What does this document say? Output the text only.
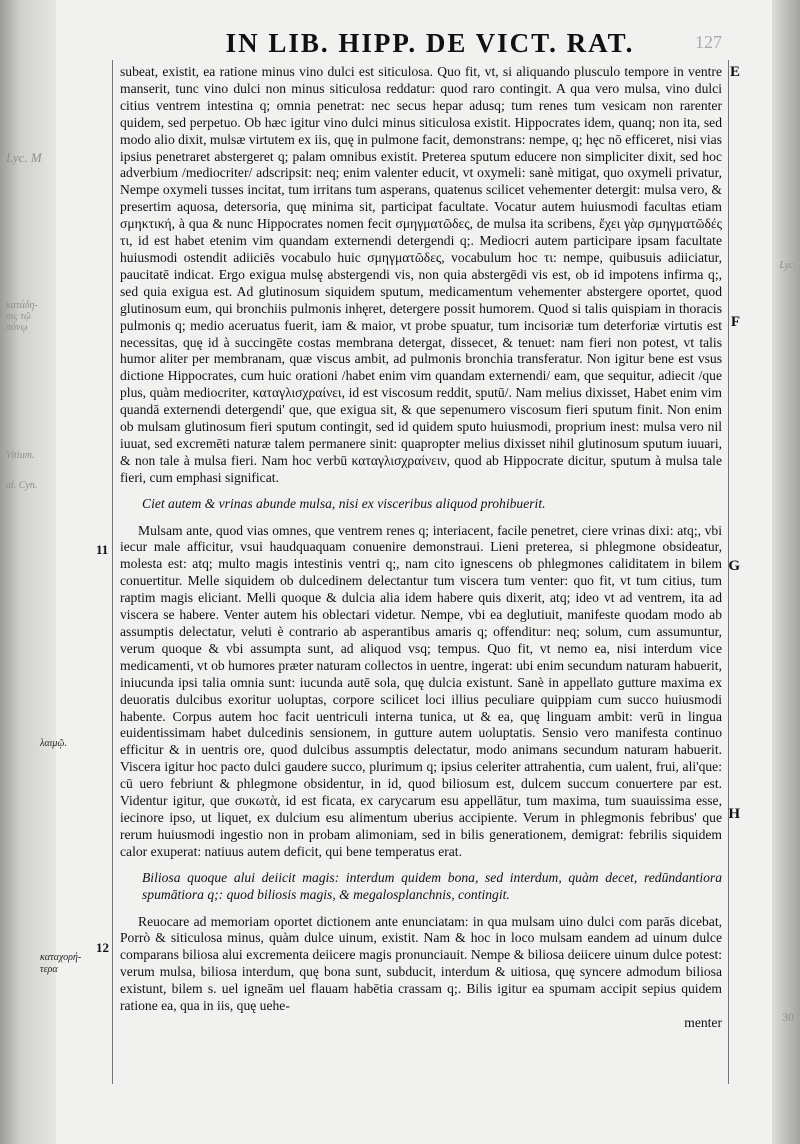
IN LIB. HIPP. DE VICT. RAT.	127
Lyc. M
κατάδη-
σις τῷ
πόνῳ
Vitium.
al. Cyn.
Lyc.
30
E
F
G
H
11
12
λαιμῷ.
καταχορή-
τερα

subeat, existit, ea ratione minus vino dulci est siticulosa. Quo fit, vt, si aliquando plusculo tempore in ventre manserit, tunc vino dulci non minus siticulosa reddatur: quod raro contingit. A qua vero mulsa, vino dulci citius ventrem intestina q; omnia penetrat: nec secus hepar adusq; tum renes tum vesicam non rarenter quidem, sed perpetuo. Ob hæc igitur vino dulci minus siticulosa existit. Hippocrates idem, quanq; non ita, sed modo alio dixit, mulsæ virtutem ex iis, quę in pulmone facit, demonstrans: nempe, q; hęc nō efficeret, nisi vias ipsius penetraret abstergeret q; palam omnibus existit. Preterea sputum educere non simpliciter dixit, sed hoc adverbium /mediocriter/ adscripsit: neq; enim valenter educit, vt oxymeli: sanè mitigat, quo oxymeli privatur, Nempe oxymeli tusses incitat, tum irritans tum asperans, quatenus scilicet vehementer detergit: mulsa vero, & presertim aquosa, detersoria, quę minima sit, participat facultate. Vocatur autem huiusmodi facultas etiam σμηκτική, à qua & nunc Hippocrates nomen fecit σμηγματῶδες, de mulsa ita scribens, ἔχει γὰρ σμηγματῶδές τι, id est habet etenim vim quandam externendi detergendi q;. Mediocri autem participare ipsam facultate huiusmodi ostendit adiiciēs vocabulo huic σμηγματῶδες, vocabulum hoc τι: nempe, quibusuis adiiciatur, paucitatē indicat. Ergo exigua mulsę abstergendi vis, non quia abstergēdi vis est, ob id impotens infirma q;, sed quia exigua est. Ad glutinosum siquidem sputum, medicamentum vehementer abstergere oportet, quod glutinosum eum, qui bronchiis pulmonis inhęret, detergere possit humorem. Quod si talis quispiam in thoracis pulmonis q; medio aceruatus fuerit, iam & maior, vt probe spuatur, tum incisoriæ tum deterforiæ virtutis est necessitas, quę id à succingēte costas membrana detergat, dissecet, & tenuet: nam fieri non potest, vt talis humor aliter per membranam, quæ viscus ambit, ad pulmonis bronchia transferatur. Non igitur bene est vsus dictione Hippocrates, cum huic orationi /habet enim vim quandam externendi/ eam, que sequitur, adiecit /que plus, quàm mediocriter, καταγλισχραίνει, id est viscosum reddit, sputū/. Nam melius dixisset, Habet enim vim quandā externendi detergendi' que, que exigua sit, & que sepenumero viscosum fieri sputum finit. Non enim ob mulsam glutinosum fieri sputum contingit, sed id quidem sputo huiusmodi, proprium inest: mulsa vero nil iuuat, sed excremēti naturæ talem permanere sinit: quapropter melius dixisset nihil glutinosum sputum iuuari, & non tale à mulsa fieri. Nam hoc verbū καταγλισχραίνειν, quod ab Hippocrate dicitur, sputum à mulsa tale fieri, cum emphasi significat.

Ciet autem & vrinas abunde mulsa, nisi ex visceribus aliquod prohibuerit.

Mulsam ante, quod vias omnes, que ventrem renes q; interiacent, facile penetret, ciere vrinas dixi: atq;, vbi iecur male afficitur, vsui haudquaquam conuenire demonstraui. Lieni preterea, si phlegmone obsideatur, molesta est: atq; multo magis intestinis ventri q;, nam cito ignescens ob phlegmones caliditatem in bilem conuertitur. Melle siquidem ob dulcedinem delectantur tum viscera tum venter: quo fit, vt tum citius, tum raptim magis eliciant. Melli quoque & dulcia alia idem habere quis dixerit, atq; ideo vt ad ventrem, ita ad viscera se habere. Venter autem his oblectari videtur. Nempe, vbi ea deglutiuit, manifeste quodam modo ab assumptis delectatur, veluti è contrario ab asperantibus amaris q; offenditur: neq; solum, cum assumuntur, verum quoque & vbi assumpta sunt, ad aliquod vsq; tempus. Quo fit, vt nemo ea, nisi interdum vice medicamenti, vt ob humores præter naturam collectos in uentre, ingerat: ubi enim secundum naturam habuerit, iniucunda ipsi talia omnia sunt: iucunda autē sola, quę dulcia existunt. Sanè in appellato gutture maxima ex deuoratis dulcibus exoritur uoluptas, corpore scilicet loci illius peculiare quippiam cum succo huiusmodi habente. Corpus autem hoc facit uentriculi interna tunica, ut & ea, quę linguam ambit: verū in lingua euidentissimam habet dulcedinis sensionem, in gutture autem uoluptatis. Sensio vero manifesta continuo efficitur & in uentris ore, quod dulcibus assumptis delectatur, modo animans secundum naturam habuerit. Viscera igitur hoc pacto dulci gaudere succo, plurimum q; ipsius celeriter attrahentia, cum ualent, frui, ali'que: cū uero febriunt & phlegmone obsidentur, in id, quod biliosum est, dulcem succum conuertere par est. Videntur igitur, que συκωτὰ, id est ficata, ex carycarum esu appellātur, tum maxima, tum suauissima esse, iecinore ipso, ut liquet, ex dulcium esu alimentum uberius accipiente. Verum in phlegmonis febribus' que rerum huiusmodi ingestio non in probam alimoniam, sed in bilis generationem, demigrat: febrilis siquidem calor exuperat: natiuus autem deficit, qui bene temperatus erat.

Biliosa quoque alui deiicit magis: interdum quidem bona, sed interdum, quàm decet, redūndantiora spumātiora q;: quod biliosis magis, & megalosplanchnis, contingit.

Reuocare ad memoriam oportet dictionem ante enunciatam: in qua mulsam uino dulci com parās dicebat, Porrò & siticulosa minus, quàm dulce uinum, existit. Nam & hoc in loco mulsam eandem ad uinum dulce comparans biliosa alui excrementa deiicere magis pronunciauit. Nempe & biliosa deiicere uinum dulce potest: verum mulsa, biliosa interdum, quę bona sunt, subducit, interdum & uitiosa, quę syncere admodum biliosa existunt, bilem s. uel igneām uel flauam habētia crassam q;. Bilis igitur ea spumam accipit sepius quidem ratione ea, qua in iis, quę uehe-

menter
